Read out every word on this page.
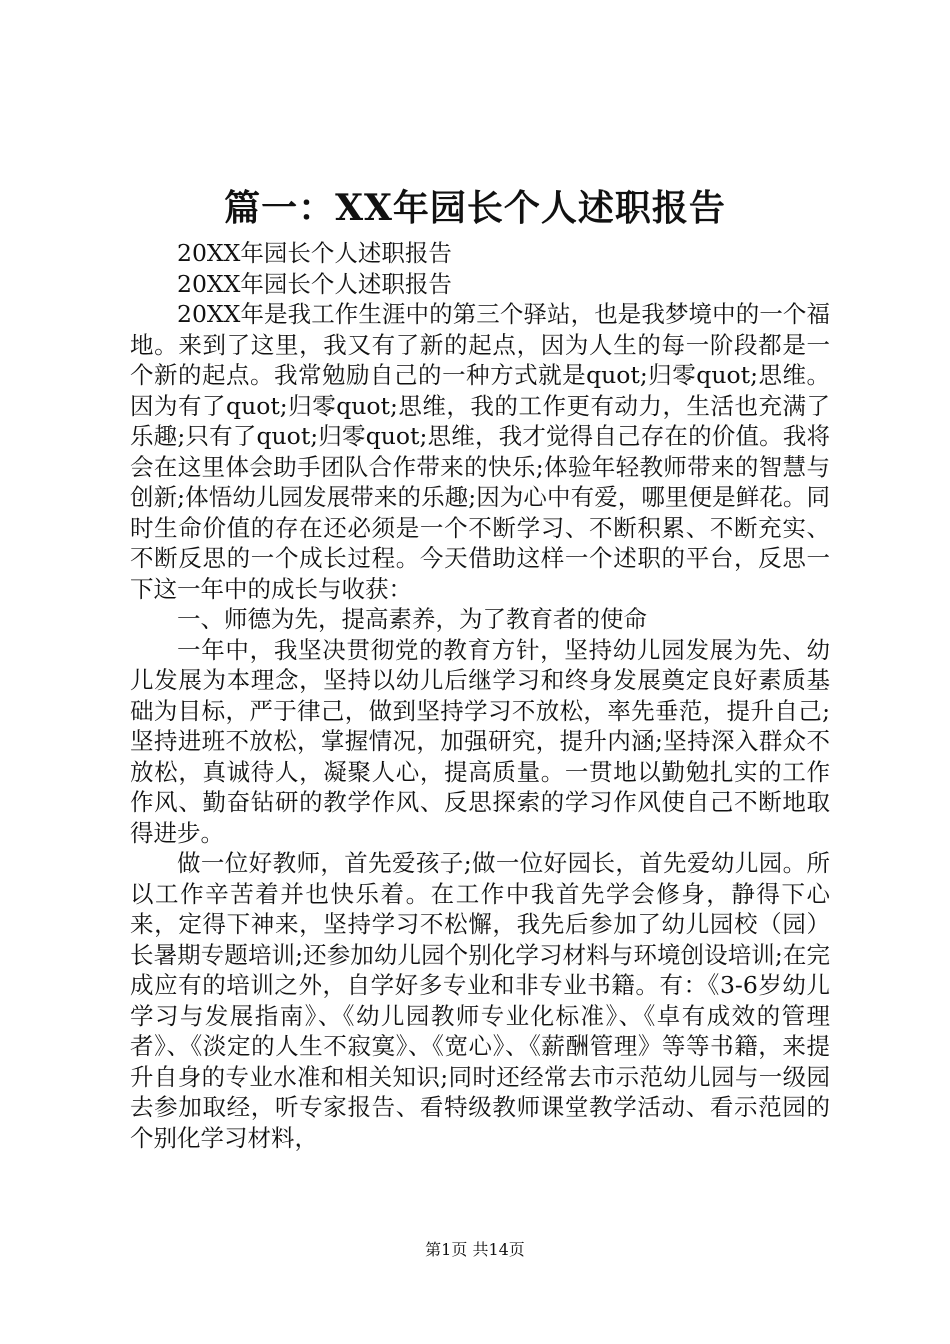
篇一：XX年园长个人述职报告

20XX年园长个人述职报告

20XX年园长个人述职报告

20XX年是我工作生涯中的第三个驿站，也是我梦境中的一个福地。来到了这里，我又有了新的起点，因为人生的每一阶段都是一个新的起点。我常勉励自己的一种方式就是quot;归零quot;思维。因为有了quot;归零quot;思维，我的工作更有动力，生活也充满了乐趣;只有了quot;归零quot;思维，我才觉得自己存在的价值。我将会在这里体会助手团队合作带来的快乐;体验年轻教师带来的智慧与创新;体悟幼儿园发展带来的乐趣;因为心中有爱，哪里便是鲜花。同时生命价值的存在还必须是一个不断学习、不断积累、不断充实、不断反思的一个成长过程。今天借助这样一个述职的平台，反思一下这一年中的成长与收获：

一、师德为先，提高素养，为了教育者的使命

一年中，我坚决贯彻党的教育方针，坚持幼儿园发展为先、幼儿发展为本理念，坚持以幼儿后继学习和终身发展奠定良好素质基础为目标，严于律己，做到坚持学习不放松，率先垂范，提升自己;坚持进班不放松，掌握情况，加强研究，提升内涵;坚持深入群众不放松，真诚待人，凝聚人心，提高质量。一贯地以勤勉扎实的工作作风、勤奋钻研的教学作风、反思探索的学习作风使自己不断地取得进步。

做一位好教师，首先爱孩子;做一位好园长，首先爱幼儿园。所以工作辛苦着并也快乐着。在工作中我首先学会修身，静得下心来，定得下神来，坚持学习不松懈，我先后参加了幼儿园校（园）长暑期专题培训;还参加幼儿园个别化学习材料与环境创设培训;在完成应有的培训之外，自学好多专业和非专业书籍。有：《3-6岁幼儿学习与发展指南》、《幼儿园教师专业化标准》、《卓有成效的管理者》、《淡定的人生不寂寞》、《宽心》、《薪酬管理》等等书籍，来提升自身的专业水准和相关知识;同时还经常去市示范幼儿园与一级园去参加取经，听专家报告、看特级教师课堂教学活动、看示范园的个别化学习材料，

第1页 共14页
